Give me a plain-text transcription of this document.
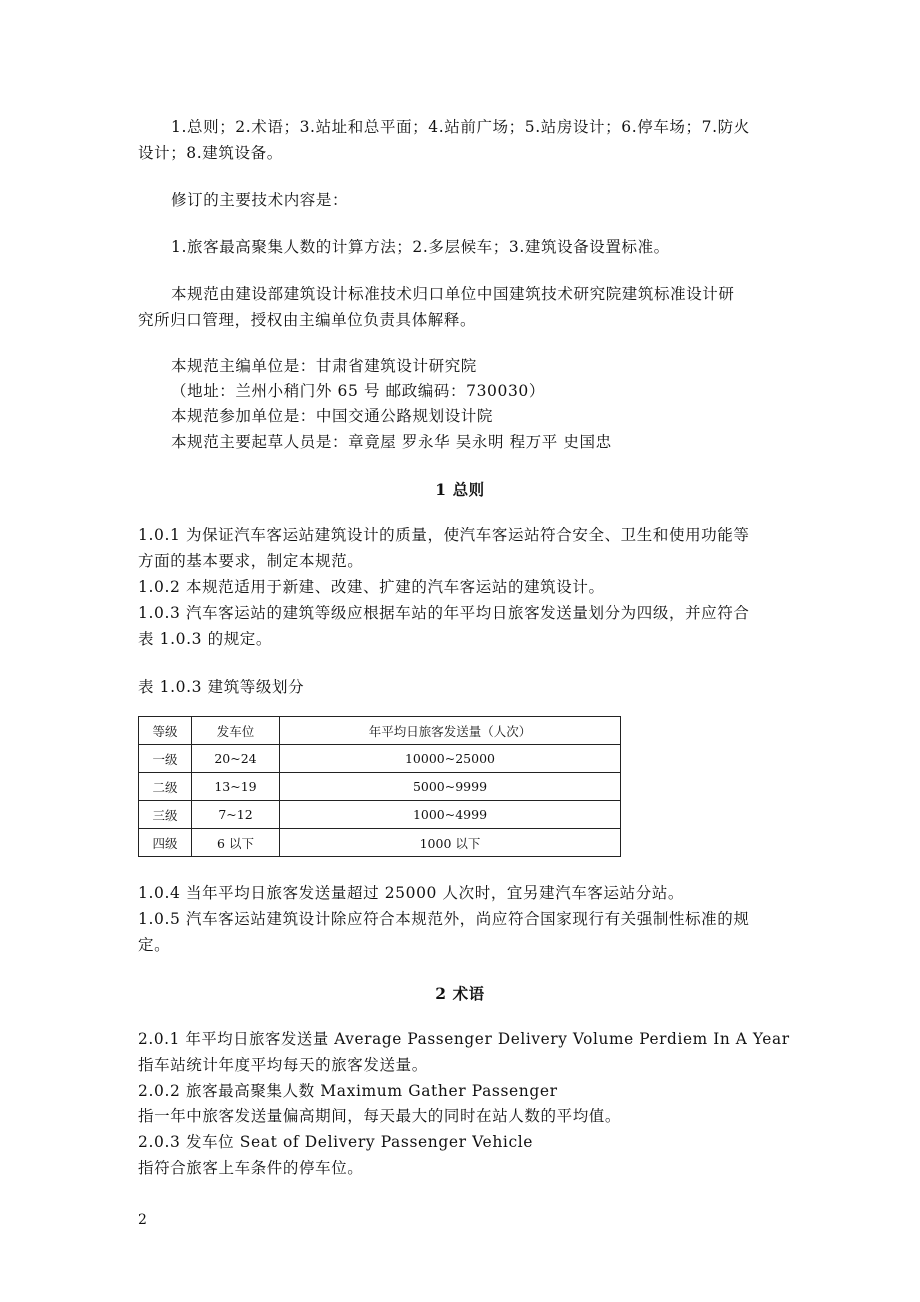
1.总则；2.术语；3.站址和总平面；4.站前广场；5.站房设计；6.停车场；7.防火
设计；8.建筑设备。
修订的主要技术内容是：
1.旅客最高聚集人数的计算方法；2.多层候车；3.建筑设备设置标准。
本规范由建设部建筑设计标准技术归口单位中国建筑技术研究院建筑标准设计研
究所归口管理，授权由主编单位负责具体解释。
本规范主编单位是：甘肃省建筑设计研究院
（地址：兰州小稍门外 65 号 邮政编码：730030）
本规范参加单位是：中国交通公路规划设计院
本规范主要起草人员是：章竟屋 罗永华 吴永明 程万平 史国忠
1 总则
1.0.1 为保证汽车客运站建筑设计的质量，使汽车客运站符合安全、卫生和使用功能等
方面的基本要求，制定本规范。
1.0.2 本规范适用于新建、改建、扩建的汽车客运站的建筑设计。
1.0.3 汽车客运站的建筑等级应根据车站的年平均日旅客发送量划分为四级，并应符合
表 1.0.3 的规定。
表 1.0.3 建筑等级划分
等级	发车位	年平均日旅客发送量（人次）
一级	20~24	10000~25000
二级	13~19	5000~9999
三级	7~12	1000~4999
四级	6 以下	1000 以下
1.0.4 当年平均日旅客发送量超过 25000 人次时，宜另建汽车客运站分站。
1.0.5 汽车客运站建筑设计除应符合本规范外，尚应符合国家现行有关强制性标准的规
定。
2 术语
2.0.1 年平均日旅客发送量 Average Passenger Delivery Volume Perdiem In A Year
指车站统计年度平均每天的旅客发送量。
2.0.2 旅客最高聚集人数 Maximum Gather Passenger
指一年中旅客发送量偏高期间，每天最大的同时在站人数的平均值。
2.0.3 发车位 Seat of Delivery Passenger Vehicle
指符合旅客上车条件的停车位。
2
